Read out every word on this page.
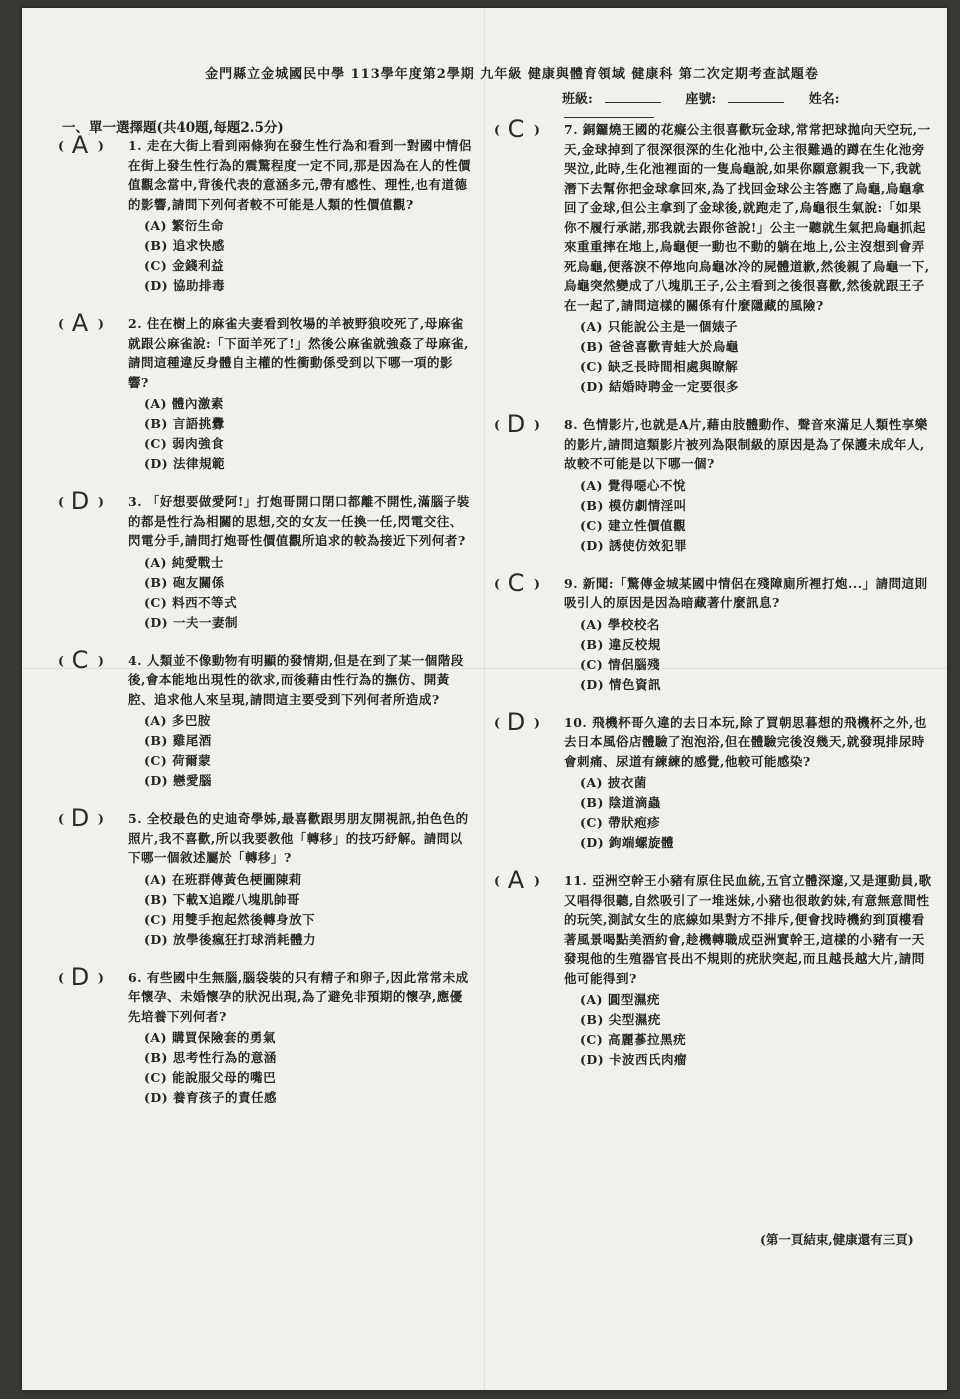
金門縣立金城國民中學 113學年度第2學期 九年級 健康與體育領域 健康科 第二次定期考查試題卷
班級:	座號:	姓名:
一、單一選擇題(共40題,每題2.5分)
( A )	1. 走在大街上看到兩條狗在發生性行為和看到一對國中情侶在街上發生性行為的震驚程度一定不同,那是因為在人的性價值觀念當中,背後代表的意涵多元,帶有感性、理性,也有道德的影響,請問下列何者較不可能是人類的性價值觀?
(A) 繁衍生命
(B) 追求快感
(C) 金錢利益
(D) 協助排毒
( A )	2. 住在樹上的麻雀夫妻看到牧場的羊被野狼咬死了,母麻雀就跟公麻雀說:「下面羊死了!」然後公麻雀就強姦了母麻雀,請問這種違反身體自主權的性衝動係受到以下哪一項的影響?
(A) 體內激素
(B) 言語挑釁
(C) 弱肉強食
(D) 法律規範
( D )	3. 「好想要做愛阿!」打炮哥開口閉口都離不開性,滿腦子裝的都是性行為相關的思想,交的女友一任換一任,閃電交往、閃電分手,請問打炮哥性價值觀所追求的較為接近下列何者?
(A) 純愛戰士
(B) 砲友關係
(C) 料西不等式
(D) 一夫一妻制
( C )	4. 人類並不像動物有明顯的發情期,但是在到了某一個階段後,會本能地出現性的欲求,而後藉由性行為的撫仿、開黃腔、追求他人來呈現,請問這主要受到下列何者所造成?
(A) 多巴胺
(B) 雞尾酒
(C) 荷爾蒙
(D) 戀愛腦
( D )	5. 全校最色的史迪奇學姊,最喜歡跟男朋友開視訊,拍色色的照片,我不喜歡,所以我要教他「轉移」的技巧紓解。請問以下哪一個敘述屬於「轉移」?
(A) 在班群傳黃色梗圖陳莉
(B) 下載X追蹤八塊肌帥哥
(C) 用雙手抱起然後轉身放下
(D) 放學後瘋狂打球消耗體力
( D )	6. 有些國中生無腦,腦袋裝的只有精子和卵子,因此常常未成年懷孕、未婚懷孕的狀況出現,為了避免非預期的懷孕,應優先培養下列何者?
(A) 購買保險套的勇氣
(B) 思考性行為的意涵
(C) 能說服父母的嘴巴
(D) 養育孩子的責任感
( C )	7. 銅鑼燒王國的花癡公主很喜歡玩金球,常常把球拋向天空玩,一天,金球掉到了很深很深的生化池中,公主很難過的蹲在生化池旁哭泣,此時,生化池裡面的一隻烏龜說,如果你願意親我一下,我就潛下去幫你把金球拿回來,為了找回金球公主答應了烏龜,烏龜拿回了金球,但公主拿到了金球後,就跑走了,烏龜很生氣說:「如果你不履行承諾,那我就去跟你爸說!」公主一聽就生氣把烏龜抓起來重重摔在地上,烏龜便一動也不動的躺在地上,公主沒想到會弄死烏龜,便落淚不停地向烏龜冰冷的屍體道歉,然後親了烏龜一下,烏龜突然變成了八塊肌王子,公主看到之後很喜歡,然後就跟王子在一起了,請問這樣的關係有什麼隱藏的風險?
(A) 只能說公主是一個婊子
(B) 爸爸喜歡青蛙大於烏龜
(C) 缺乏長時間相處與瞭解
(D) 結婚時聘金一定要很多
( D )	8. 色情影片,也就是A片,藉由肢體動作、聲音來滿足人類性享樂的影片,請問這類影片被列為限制級的原因是為了保護未成年人,故較不可能是以下哪一個?
(A) 覺得噁心不悅
(B) 模仿劇情淫叫
(C) 建立性價值觀
(D) 誘使仿效犯罪
( C )	9. 新聞:「驚傳金城某國中情侶在殘障廁所裡打炮...」請問這則吸引人的原因是因為暗藏著什麼訊息?
(A) 學校校名
(B) 違反校規
(C) 情侶腦殘
(D) 情色資訊
( D )	10. 飛機杯哥久違的去日本玩,除了買朝思暮想的飛機杯之外,也去日本風俗店體驗了泡泡浴,但在體驗完後沒幾天,就發現排尿時會刺痛、尿道有練練的感覺,他較可能感染?
(A) 披衣菌
(B) 陰道滴蟲
(C) 帶狀疱疹
(D) 鉤端螺旋體
( A )	11. 亞洲空幹王小豬有原住民血統,五官立體深邃,又是運動員,歌又唱得很聽,自然吸引了一堆迷妹,小豬也很敢釣妹,有意無意間性的玩笑,測試女生的底線如果對方不排斥,便會找時機約到頂樓看著風景喝點美酒約會,趁機轉職成亞洲實幹王,這樣的小豬有一天發現他的生殖器官長出不規則的疣狀突起,而且越長越大片,請問他可能得到?
(A) 圓型濕疣
(B) 尖型濕疣
(C) 高麗蔘拉黑疣
(D) 卡波西氏肉瘤
(第一頁結束,健康還有三頁)
